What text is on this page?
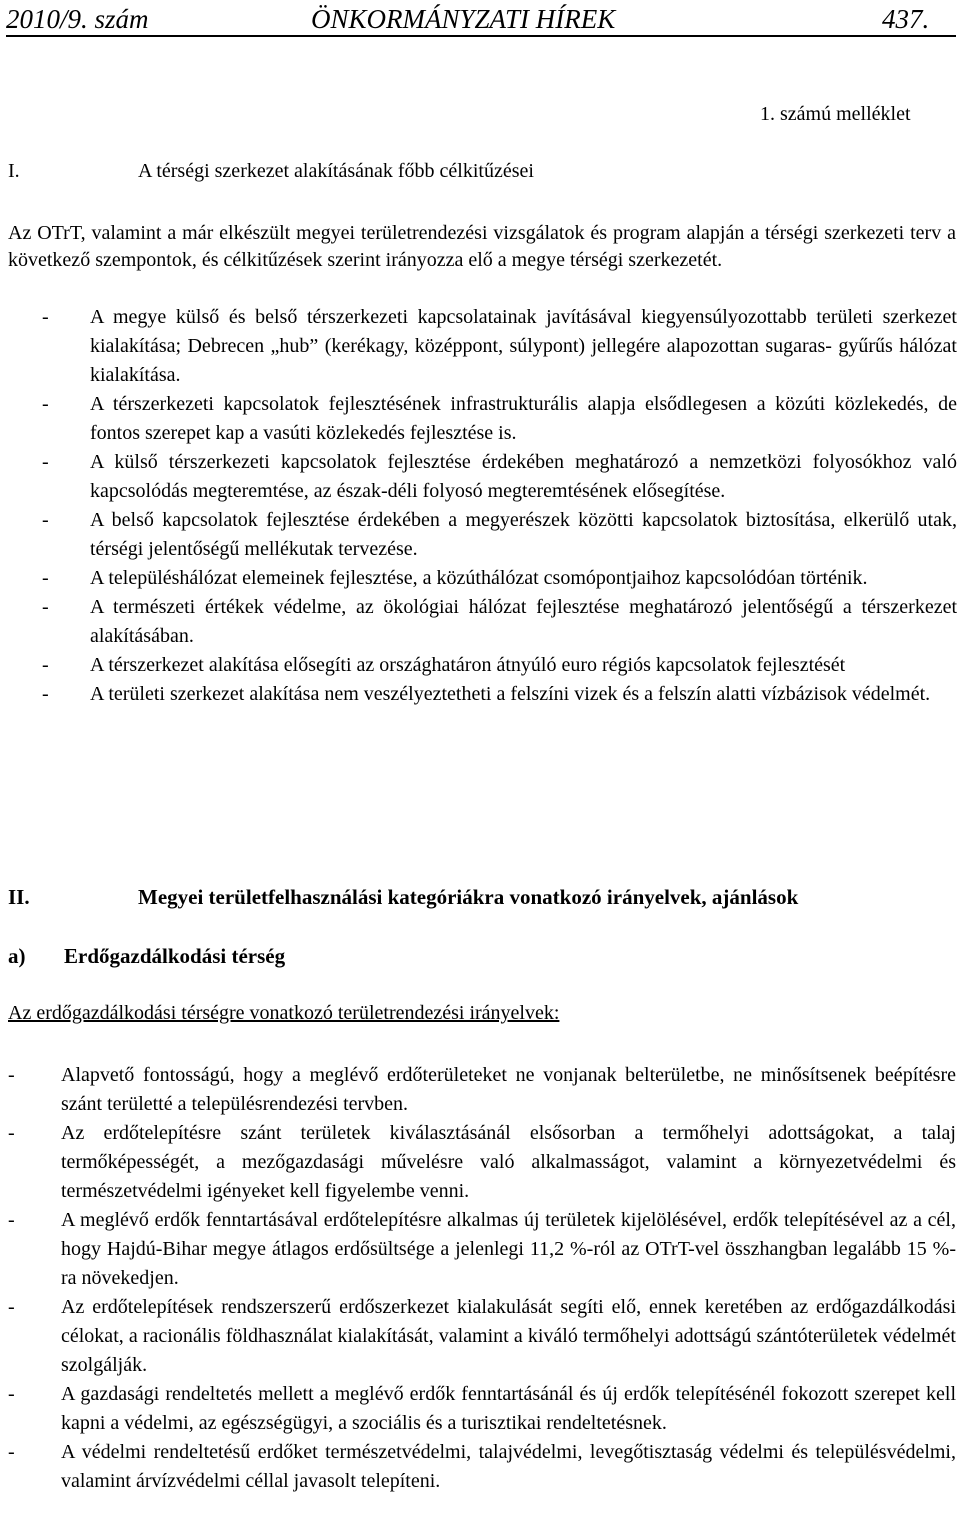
2010/9. szám	ÖNKORMÁNYZATI HÍREK	437.
1. számú melléklet
I.	A térségi szerkezet alakításának főbb célkitűzései
Az OTrT, valamint a már elkészült megyei területrendezési vizsgálatok és program alapján a térségi szerkezeti terv a következő szempontok, és célkitűzések szerint irányozza elő a megye térségi szerkezetét.
- A megye külső és belső térszerkezeti kapcsolatainak javításával kiegyensúlyozottabb területi szerkezet kialakítása; Debrecen „hub” (kerékagy, középpont, súlypont) jellegére alapozottan sugaras- gyűrűs hálózat kialakítása.
- A térszerkezeti kapcsolatok fejlesztésének infrastrukturális alapja elsődlegesen a közúti közlekedés, de fontos szerepet kap a vasúti közlekedés fejlesztése is.
- A külső térszerkezeti kapcsolatok fejlesztése érdekében meghatározó a nemzetközi folyosókhoz való kapcsolódás megteremtése, az észak-déli folyosó megteremtésének elősegítése.
- A belső kapcsolatok fejlesztése érdekében a megyerészek közötti kapcsolatok biztosítása, elkerülő utak, térségi jelentőségű mellékutak tervezése.
- A településhálózat elemeinek fejlesztése, a közúthálózat csomópontjaihoz kapcsolódóan történik.
- A természeti értékek védelme, az ökológiai hálózat fejlesztése meghatározó jelentőségű a térszerkezet alakításában.
- A térszerkezet alakítása elősegíti az országhatáron átnyúló euro régiós kapcsolatok fejlesztését
- A területi szerkezet alakítása nem veszélyeztetheti a felszíni vizek és a felszín alatti vízbázisok védelmét.
II.	Megyei területfelhasználási kategóriákra vonatkozó irányelvek, ajánlások
a) Erdőgazdálkodási térség
Az erdőgazdálkodási térségre vonatkozó területrendezési irányelvek:
- Alapvető fontosságú, hogy a meglévő erdőterületeket ne vonjanak belterületbe, ne minősítsenek beépítésre szánt területté a településrendezési tervben.
- Az erdőtelepítésre szánt területek kiválasztásánál elsősorban a termőhelyi adottságokat, a talaj termőképességét, a mezőgazdasági művelésre való alkalmasságot, valamint a környezetvédelmi és természetvédelmi igényeket kell figyelembe venni.
- A meglévő erdők fenntartásával erdőtelepítésre alkalmas új területek kijelölésével, erdők telepítésével az a cél, hogy Hajdú-Bihar megye átlagos erdősültsége a jelenlegi 11,2 %-ról az OTrT-vel összhangban legalább 15 %-ra növekedjen.
- Az erdőtelepítések rendszerszerű erdőszerkezet kialakulását segíti elő, ennek keretében az erdőgazdálkodási célokat, a racionális földhasználat kialakítását, valamint a kiváló termőhelyi adottságú szántóterületek védelmét szolgálják.
- A gazdasági rendeltetés mellett a meglévő erdők fenntartásánál és új erdők telepítésénél fokozott szerepet kell kapni a védelmi, az egészségügyi, a szociális és a turisztikai rendeltetésnek.
- A védelmi rendeltetésű erdőket természetvédelmi, talajvédelmi, levegőtisztaság védelmi és településvédelmi, valamint árvízvédelmi céllal javasolt telepíteni.
